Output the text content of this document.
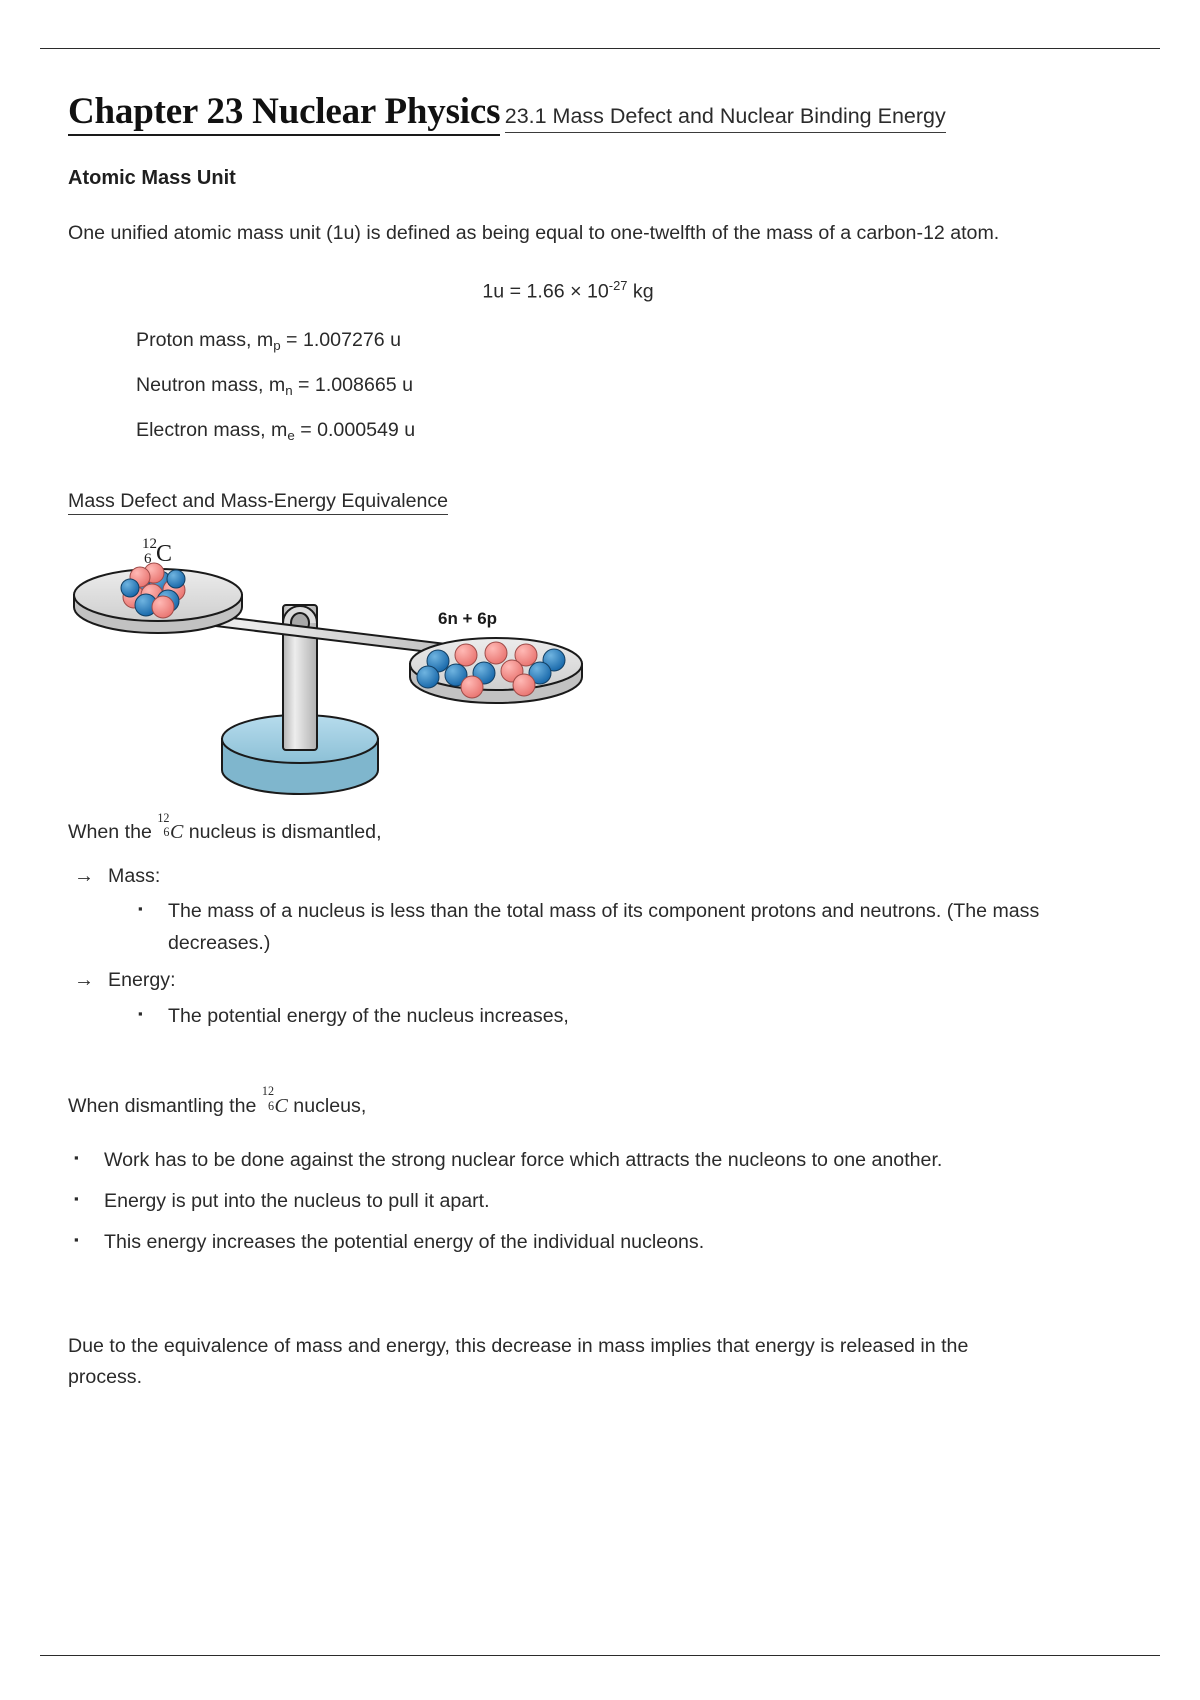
Chapter 23 Nuclear Physics 23.1 Mass Defect and Nuclear Binding Energy
Atomic Mass Unit

One unified atomic mass unit (1u) is defined as being equal to one-twelfth of the mass of a carbon-12 atom.

$1u = 1.66 \times 10^{-27}$ kg
Proton mass, $m_p = 1.007276$ u
Neutron mass, $m_n = 1.008665$ u
Electron mass, $m_e = 0.000549$ u
Mass Defect and Mass-Energy Equivalence
12
6 C
6n + 6p

When the
12
6 C nucleus is dismantled,

→ Mass:
▪ The mass of a nucleus is less than the total mass of its component protons and neutrons. (The mass decreases.)
→ Energy:
▪ The potential energy of the nucleus increases,

When dismantling the
12
6 C nucleus,

▪ Work has to be done against the strong nuclear force which attracts the nucleons to one another.
▪ Energy is put into the nucleus to pull it apart.
▪ This energy increases the potential energy of the individual nucleons.

Due to the equivalence of mass and energy, this decrease in mass implies that energy is released in the process.
